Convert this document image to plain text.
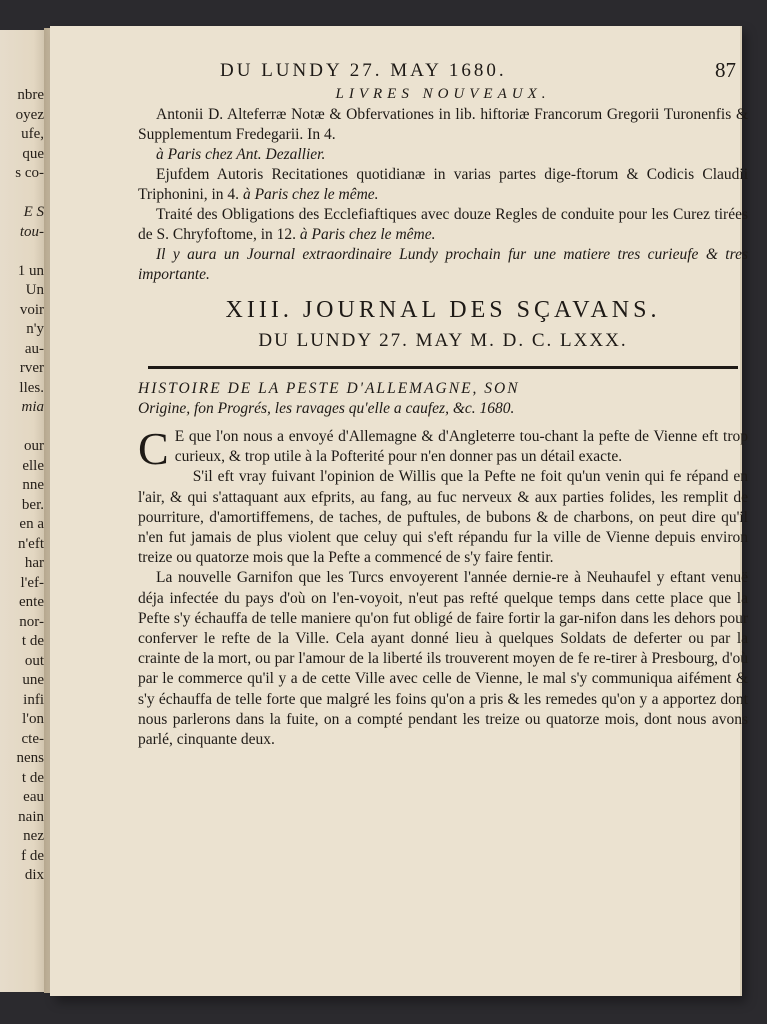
nbre
oyez
ufe,
que
s co-

E S
tou-

1 un
Un
voir
n'y
au-
rver
lles.
mia

our
elle
nne
ber.
en a
n'eft
har
l'ef-
ente
nor-
t de
out
une
infi
l'on
cte-
nens
t de
eau
nain
nez
f de
dix
DU LUNDY 27. MAY 1680.	87
LIVRES NOUVEAUX.
Antonii D. Alteferræ Notæ & Obfervationes in lib. hiftoriæ Francorum Gregorii Turonenfis & Supplementum Fredegarii. In 4.
à Paris chez Ant. Dezallier.
Ejufdem Autoris Recitationes quotidianæ in varias partes dige-ftorum & Codicis Claudii Triphonini, in 4. à Paris chez le même.
Traité des Obligations des Ecclefiaftiques avec douze Regles de conduite pour les Curez tirées de S. Chryfoftome, in 12. à Paris chez le même.
Il y aura un Journal extraordinaire Lundy prochain fur une matiere tres curieufe & tres importante.
XIII. JOURNAL DES SÇAVANS.
DU LUNDY 27. MAY M. D. C. LXXX.
HISTOIRE DE LA PESTE D'ALLEMAGNE, SON
Origine, fon Progrés, les ravages qu'elle a caufez, &c. 1680.

C E que l'on nous a envoyé d'Allemagne & d'Angleterre tou-chant la pefte de Vienne eft trop curieux, & trop utile à la Pofterité pour n'en donner pas un détail exacte.

S'il eft vray fuivant l'opinion de Willis que la Pefte ne foit qu'un venin qui fe répand en l'air, & qui s'attaquant aux efprits, au fang, au fuc nerveux & aux parties folides, les remplit de pourriture, d'amortiffemens, de taches, de puftules, de bubons & de charbons, on peut dire qu'il n'en fut jamais de plus violent que celuy qui s'eft répandu fur la ville de Vienne depuis environ treize ou quatorze mois que la Pefte a commencé de s'y faire fentir.

La nouvelle Garnifon que les Turcs envoyerent l'année dernie-re à Neuhaufel y eftant venuë déja infectée du pays d'où on l'en-voyoit, n'eut pas refté quelque temps dans cette place que la Pefte s'y échauffa de telle maniere qu'on fut obligé de faire fortir la gar-nifon dans les dehors pour conferver le refte de la Ville. Cela ayant donné lieu à quelques Soldats de deferter ou par la crainte de la mort, ou par l'amour de la liberté ils trouverent moyen de fe re-tirer à Presbourg, d'où par le commerce qu'il y a de cette Ville avec celle de Vienne, le mal s'y communiqua aifément & s'y échauffa de telle forte que malgré les foins qu'on a pris & les remedes qu'on y a apportez dont nous parlerons dans la fuite, on a compté pendant les treize ou quatorze mois, dont nous avons parlé, cinquante deux.
